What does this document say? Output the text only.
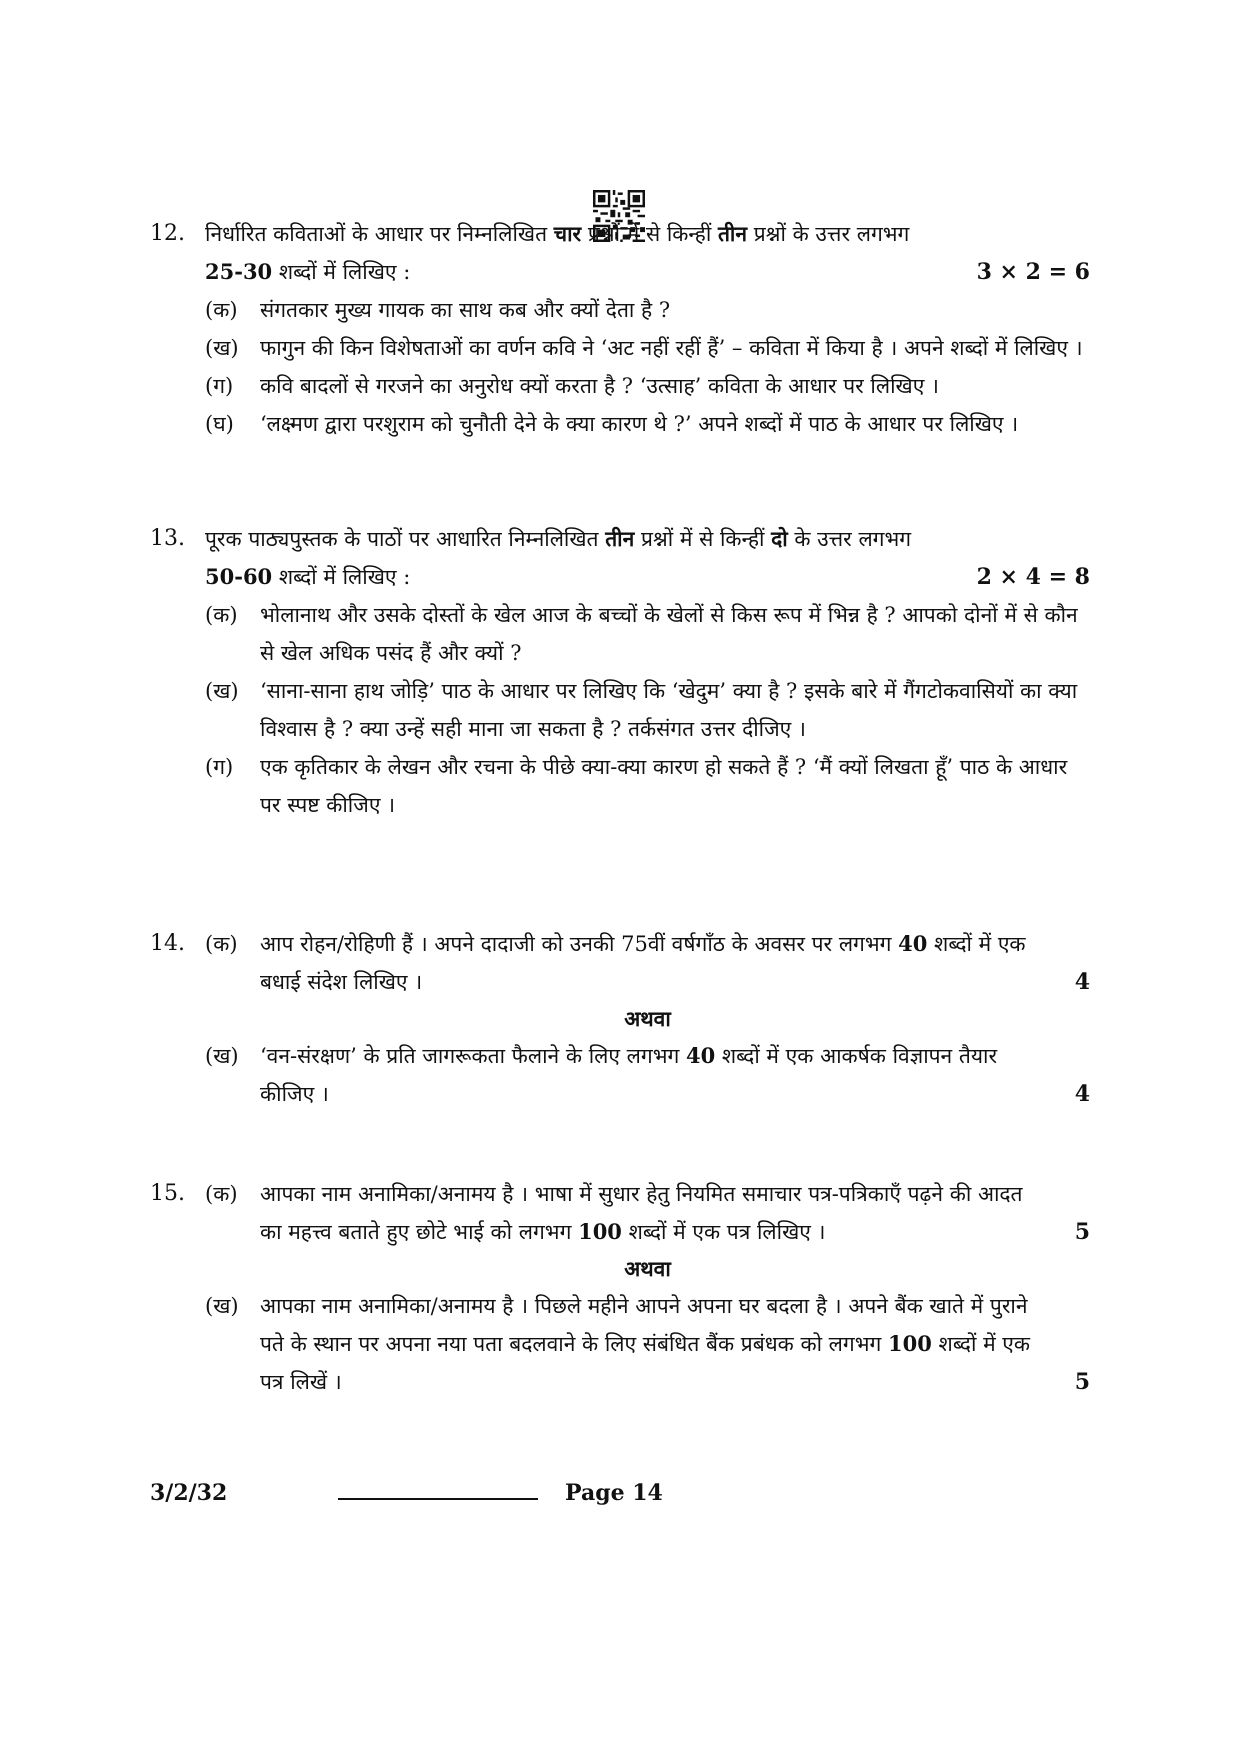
12. निर्धारित कविताओं के आधार पर निम्नलिखित चार प्रश्नों में से किन्हीं तीन प्रश्नों के उत्तर लगभग
25-30 शब्दों में लिखिए :	3 × 2 = 6
(क)	संगतकार मुख्य गायक का साथ कब और क्यों देता है ?
(ख)	फागुन की किन विशेषताओं का वर्णन कवि ने ‘अट नहीं रहीं हैं’ – कविता में किया है । अपने शब्दों में लिखिए ।
(ग)	कवि बादलों से गरजने का अनुरोध क्यों करता है ? ‘उत्साह’ कविता के आधार पर लिखिए ।
(घ)	‘लक्ष्मण द्वारा परशुराम को चुनौती देने के क्या कारण थे ?’ अपने शब्दों में पाठ के आधार पर लिखिए ।
13. पूरक पाठ्यपुस्तक के पाठों पर आधारित निम्नलिखित तीन प्रश्नों में से किन्हीं दो के उत्तर लगभग
50-60 शब्दों में लिखिए :	2 × 4 = 8
(क)	भोलानाथ और उसके दोस्तों के खेल आज के बच्चों के खेलों से किस रूप में भिन्न है ? आपको दोनों में से कौन से खेल अधिक पसंद हैं और क्यों ?
(ख)	‘साना-साना हाथ जोड़ि’ पाठ के आधार पर लिखिए कि ‘खेदुम’ क्या है ? इसके बारे में गैंगटोकवासियों का क्या विश्वास है ? क्या उन्हें सही माना जा सकता है ? तर्कसंगत उत्तर दीजिए ।
(ग)	एक कृतिकार के लेखन और रचना के पीछे क्या-क्या कारण हो सकते हैं ? ‘मैं क्यों लिखता हूँ’ पाठ के आधार पर स्पष्ट कीजिए ।
14. (क)	आप रोहन/रोहिणी हैं । अपने दादाजी को उनकी 75वीं वर्षगाँठ के अवसर पर लगभग 40 शब्दों में एक बधाई संदेश लिखिए ।	4
अथवा
(ख)	‘वन-संरक्षण’ के प्रति जागरूकता फैलाने के लिए लगभग 40 शब्दों में एक आकर्षक विज्ञापन तैयार कीजिए ।	4
15. (क)	आपका नाम अनामिका/अनामय है । भाषा में सुधार हेतु नियमित समाचार पत्र-पत्रिकाएँ पढ़ने की आदत का महत्त्व बताते हुए छोटे भाई को लगभग 100 शब्दों में एक पत्र लिखिए ।	5
अथवा
(ख)	आपका नाम अनामिका/अनामय है । पिछले महीने आपने अपना घर बदला है । अपने बैंक खाते में पुराने पते के स्थान पर अपना नया पता बदलवाने के लिए संबंधित बैंक प्रबंधक को लगभग 100 शब्दों में एक पत्र लिखें ।	5
3/2/32	Page 14
